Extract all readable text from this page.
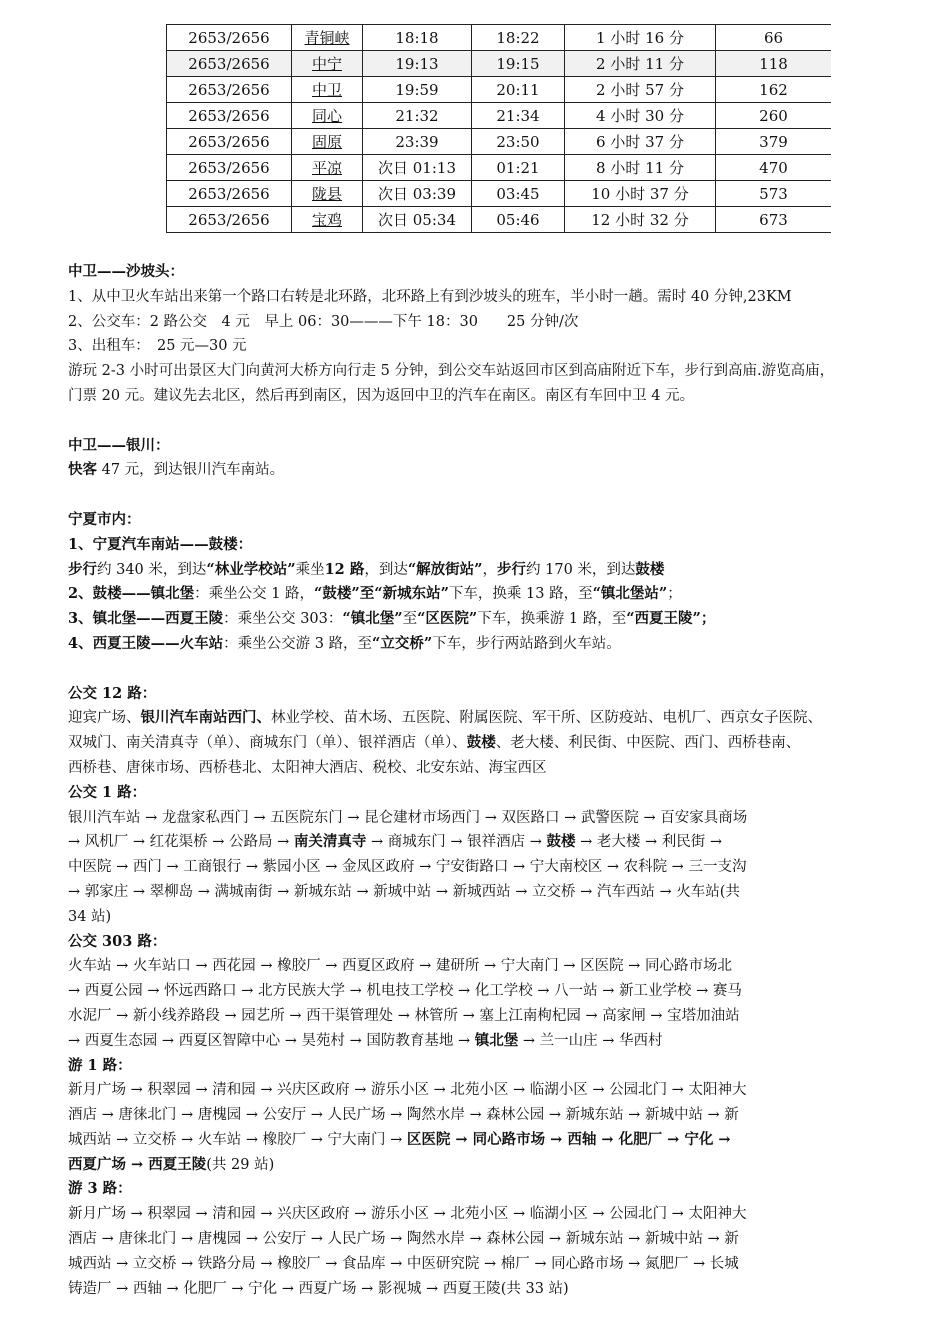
2653/2656	青铜峡	18:18	18:22	1 小时 16 分	66
2653/2656	中宁	19:13	19:15	2 小时 11 分	118
2653/2656	中卫	19:59	20:11	2 小时 57 分	162
2653/2656	同心	21:32	21:34	4 小时 30 分	260
2653/2656	固原	23:39	23:50	6 小时 37 分	379
2653/2656	平凉	次日 01:13	01:21	8 小时 11 分	470
2653/2656	陇县	次日 03:39	03:45	10 小时 37 分	573
2653/2656	宝鸡	次日 05:34	05:46	12 小时 32 分	673
中卫——沙坡头：
1、从中卫火车站出来第一个路口右转是北环路，北环路上有到沙坡头的班车，半小时一趟。需时 40 分钟,23KM
2、公交车：2 路公交　4 元　早上 06：30———下午 18：30　　25 分钟/次
3、出租车：　25 元—30 元
游玩 2-3 小时可出景区大门向黄河大桥方向行走 5 分钟，到公交车站返回市区到高庙附近下车，步行到高庙.游览高庙，
门票 20 元。建议先去北区，然后再到南区，因为返回中卫的汽车在南区。南区有车回中卫 4 元。
中卫——银川：
快客 47 元，到达银川汽车南站。
宁夏市内：
1、宁夏汽车南站——鼓楼：
步行约 340 米，到达“林业学校站”乘坐12 路，到达“解放街站”，步行约 170 米，到达鼓楼
2、鼓楼——镇北堡：乘坐公交 1 路，“鼓楼”至“新城东站”下车，换乘 13 路，至“镇北堡站”；
3、镇北堡——西夏王陵：乘坐公交 303：“镇北堡”至“区医院”下车，换乘游 1 路，至“西夏王陵”；
4、西夏王陵——火车站：乘坐公交游 3 路，至“立交桥”下车，步行两站路到火车站。
公交 12 路：
迎宾广场、银川汽车南站西门、林业学校、苗木场、五医院、附属医院、军干所、区防疫站、电机厂、西京女子医院、
双城门、南关清真寺（单）、商城东门（单）、银祥酒店（单）、鼓楼、老大楼、利民街、中医院、西门、西桥巷南、
西桥巷、唐徕市场、西桥巷北、太阳神大酒店、税校、北安东站、海宝西区
公交 1 路：
银川汽车站 → 龙盘家私西门 → 五医院东门 → 昆仑建材市场西门 → 双医路口 → 武警医院 → 百安家具商场
→ 风机厂 → 红花渠桥 → 公路局 → 南关清真寺 → 商城东门 → 银祥酒店 → 鼓楼 → 老大楼 → 利民街 →
中医院 → 西门 → 工商银行 → 紫园小区 → 金凤区政府 → 宁安街路口 → 宁大南校区 → 农科院 → 三一支沟
→ 郭家庄 → 翠柳岛 → 满城南街 → 新城东站 → 新城中站 → 新城西站 → 立交桥 → 汽车西站 → 火车站(共
34 站)
公交 303 路：
火车站 → 火车站口 → 西花园 → 橡胶厂 → 西夏区政府 → 建研所 → 宁大南门 → 区医院 → 同心路市场北
→ 西夏公园 → 怀远西路口 → 北方民族大学 → 机电技工学校 → 化工学校 → 八一站 → 新工业学校 → 赛马
水泥厂 → 新小线养路段 → 园艺所 → 西干渠管理处 → 林管所 → 塞上江南枸杞园 → 高家闸 → 宝塔加油站
→ 西夏生态园 → 西夏区智障中心 → 昊苑村 → 国防教育基地 → 镇北堡 → 兰一山庄 → 华西村
游 1 路：
新月广场 → 积翠园 → 清和园 → 兴庆区政府 → 游乐小区 → 北苑小区 → 临湖小区 → 公园北门 → 太阳神大
酒店 → 唐徕北门 → 唐槐园 → 公安厅 → 人民广场 → 陶然水岸 → 森林公园 → 新城东站 → 新城中站 → 新
城西站 → 立交桥 → 火车站 → 橡胶厂 → 宁大南门 → 区医院 → 同心路市场 → 西轴 → 化肥厂 → 宁化 →
西夏广场 → 西夏王陵(共 29 站)
游 3 路：
新月广场 → 积翠园 → 清和园 → 兴庆区政府 → 游乐小区 → 北苑小区 → 临湖小区 → 公园北门 → 太阳神大
酒店 → 唐徕北门 → 唐槐园 → 公安厅 → 人民广场 → 陶然水岸 → 森林公园 → 新城东站 → 新城中站 → 新
城西站 → 立交桥 → 铁路分局 → 橡胶厂 → 食品库 → 中医研究院 → 棉厂 → 同心路市场 → 氮肥厂 → 长城
铸造厂 → 西轴 → 化肥厂 → 宁化 → 西夏广场 → 影视城 → 西夏王陵(共 33 站)
